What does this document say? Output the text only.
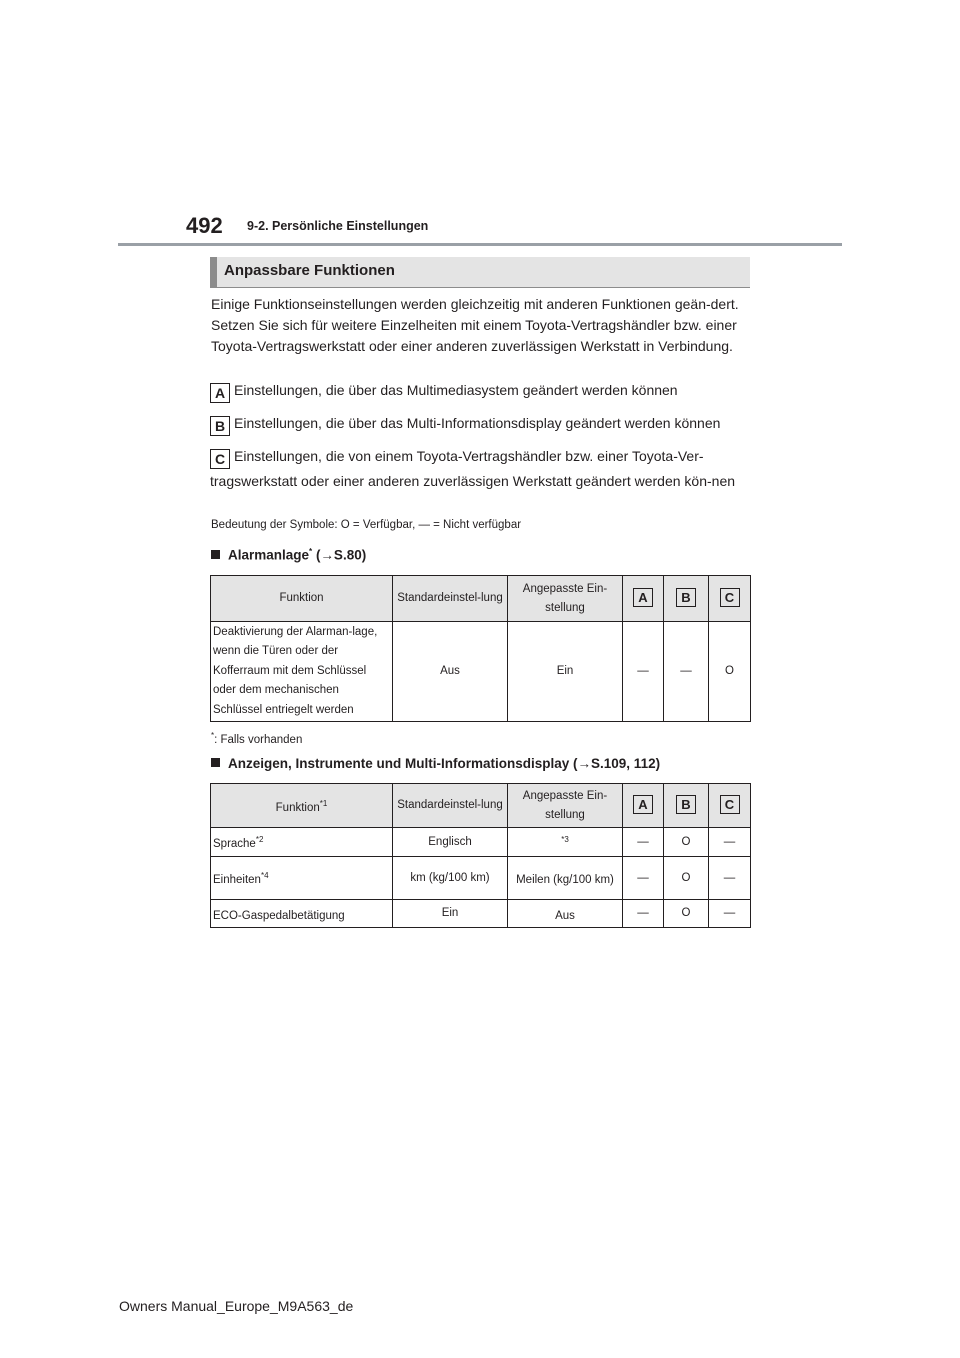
492 9-2. Persönliche Einstellungen
Anpassbare Funktionen
Einige Funktionseinstellungen werden gleichzeitig mit anderen Funktionen geän-dert. Setzen Sie sich für weitere Einzelheiten mit einem Toyota-Vertragshändler bzw. einer Toyota-Vertragswerkstatt oder einer anderen zuverlässigen Werkstatt in Verbindung.
A Einstellungen, die über das Multimediasystem geändert werden können
B Einstellungen, die über das Multi-Informationsdisplay geändert werden können
C Einstellungen, die von einem Toyota-Vertragshändler bzw. einer Toyota-Ver-tragswerkstatt oder einer anderen zuverlässigen Werkstatt geändert werden kön-nen
Bedeutung der Symbole: O = Verfügbar, — = Nicht verfügbar
Alarmanlage* (→S.80)
Funktion	Standardeinstel-lung	Angepasste Ein-stellung	A	B	C
Deaktivierung der Alarman-lage, wenn die Türen oder der Kofferraum mit dem Schlüssel oder dem mechanischen Schlüssel entriegelt werden	Aus	Ein	—	—	O
*: Falls vorhanden
Anzeigen, Instrumente und Multi-Informationsdisplay (→S.109, 112)
Funktion$^{*1}$	Standardeinstel-lung	Angepasste Ein-stellung	A	B	C
Sprache$^{*2}$	Englisch	$^{*3}$	—	O	—
Einheiten$^{*4}$	km (kg/100 km)	Meilen (kg/100 km)	—	O	—
ECO-Gaspedalbetätigung	Ein	Aus	—	O	—
Owners Manual_Europe_M9A563_de
